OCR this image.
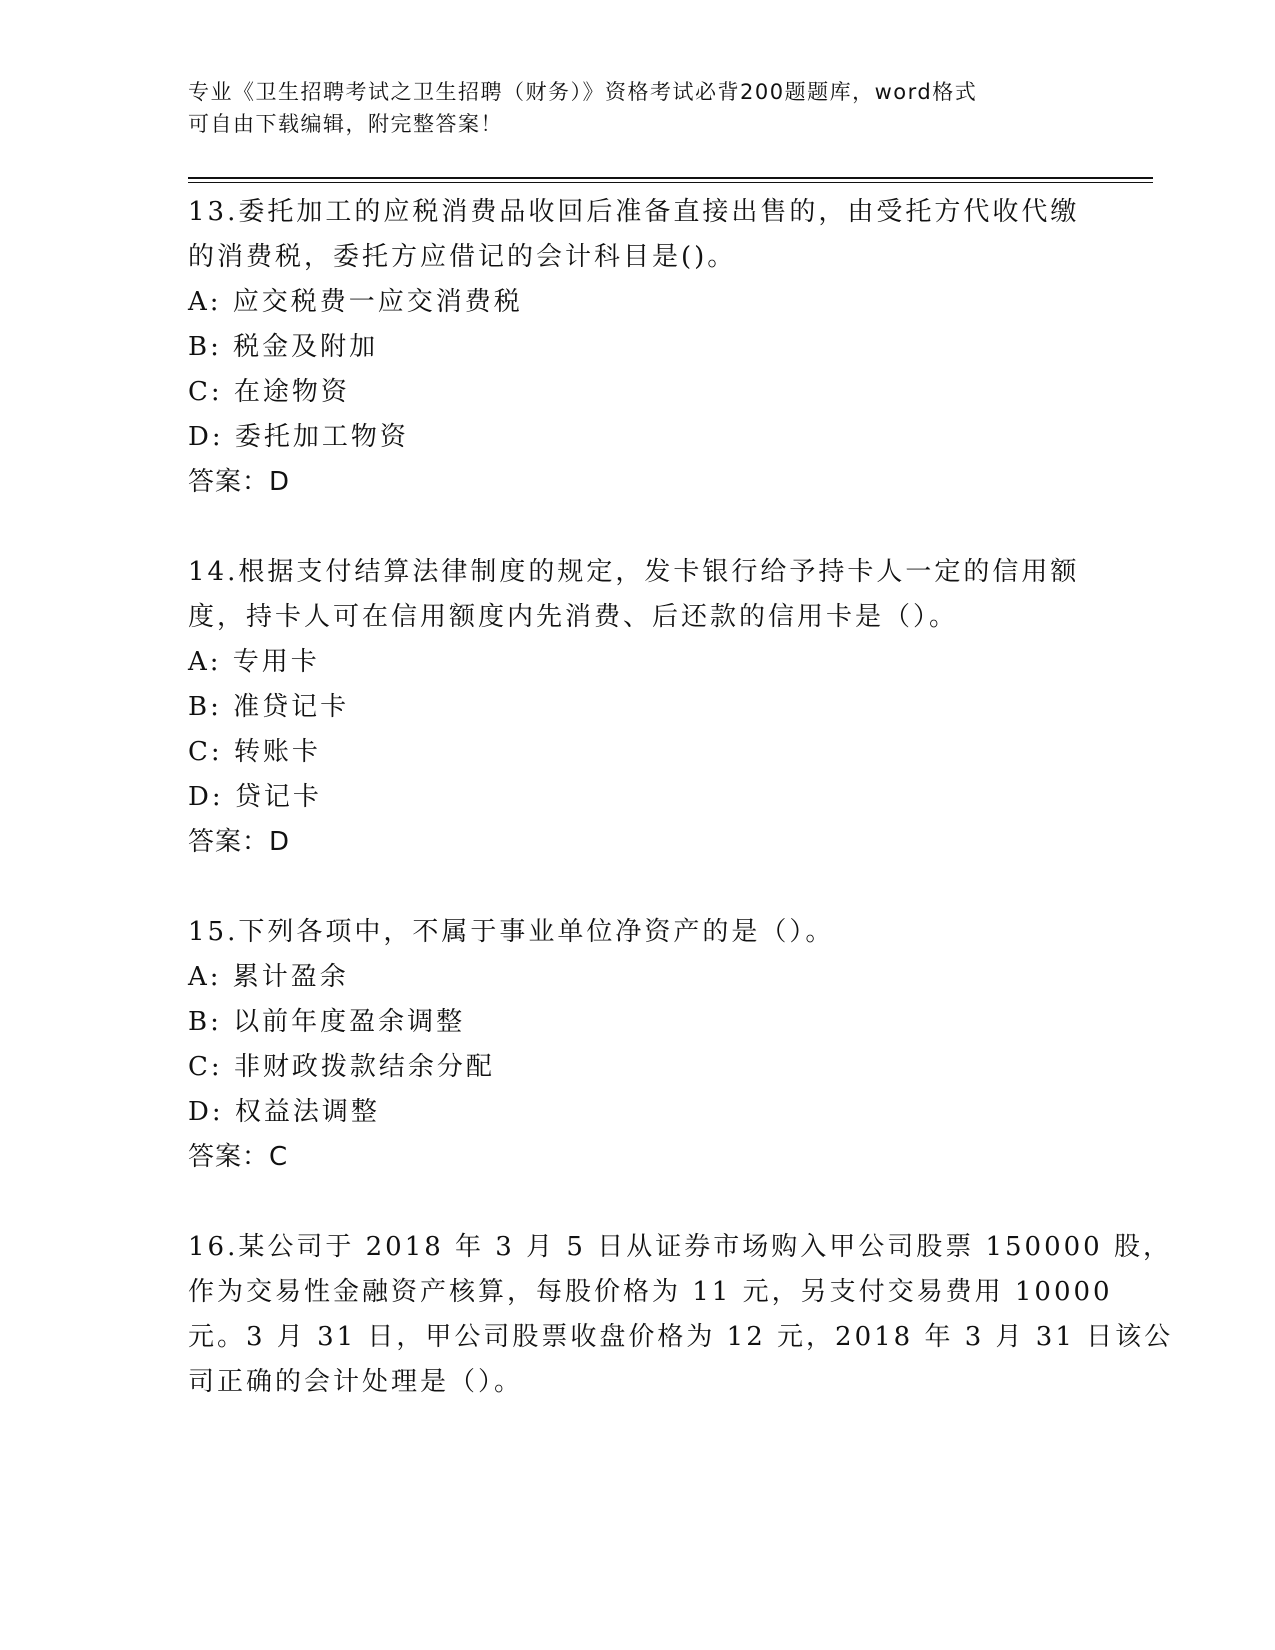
专业《卫生招聘考试之卫生招聘（财务）》资格考试必背200题题库，word格式
可自由下载编辑，附完整答案！
13.委托加工的应税消费品收回后准备直接出售的，由受托方代收代缴
的消费税，委托方应借记的会计科目是()。
A: 应交税费一应交消费税
B: 税金及附加
C: 在途物资
D: 委托加工物资
答案：D
14.根据支付结算法律制度的规定，发卡银行给予持卡人一定的信用额
度，持卡人可在信用额度内先消费、后还款的信用卡是（）。
A: 专用卡
B: 准贷记卡
C: 转账卡
D: 贷记卡
答案：D
15.下列各项中，不属于事业单位净资产的是（）。
A: 累计盈余
B: 以前年度盈余调整
C: 非财政拨款结余分配
D: 权益法调整
答案：C
16.某公司于 2018 年 3 月 5 日从证券市场购入甲公司股票 150000 股，
作为交易性金融资产核算，每股价格为 11 元，另支付交易费用 10000
元。3 月 31 日，甲公司股票收盘价格为 12 元，2018 年 3 月 31 日该公
司正确的会计处理是（）。
